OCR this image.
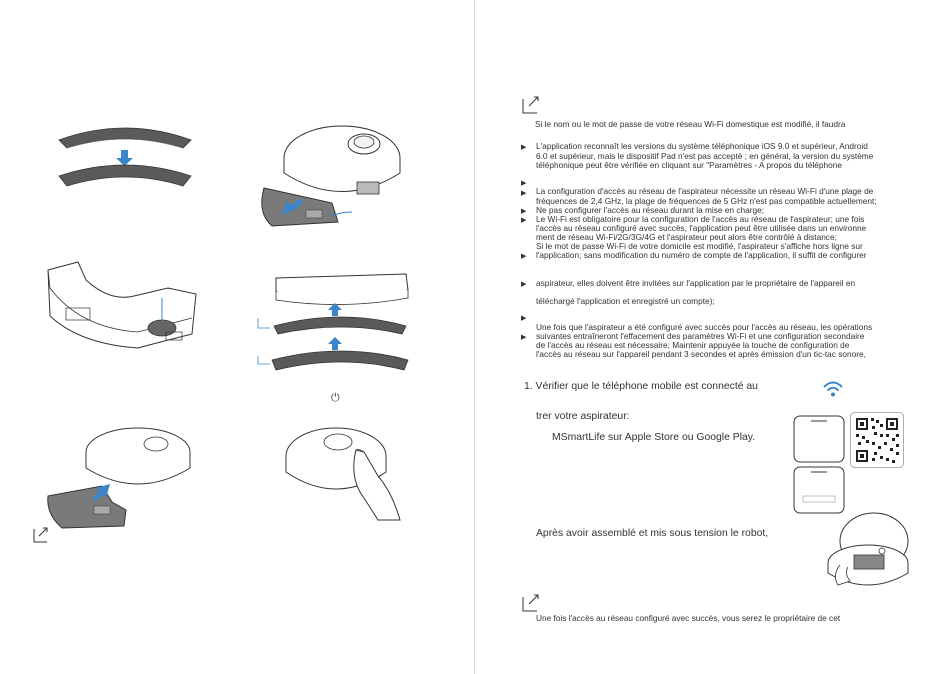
⏻
Si le nom ou le mot de passe de votre réseau Wi-Fi domestique est modifié, il faudra
▶ L'application reconnaît les versions du système téléphonique iOS 9.0 et supérieur, Android
6.0 et supérieur, mais le dispositif Pad n'est pas accepté ; en général, la version du système
téléphonique peut être vérifiée en cliquant sur "Paramètres - A propos du téléphone
▶
▶ La configuration d'accès au réseau de l'aspirateur nécessite un réseau Wi-Fi d'une plage de
fréquences de 2,4 GHz, la plage de fréquences de 5 GHz n'est pas compatible actuellement;
▶ Ne pas configurer l'accès au réseau durant la mise en charge;
▶ Le Wi-Fi est obligatoire pour la configuration de l'accès au réseau de l'aspirateur; une fois
l'accès au réseau configuré avec succès, l'application peut être utilisée dans un environne
ment de réseau Wi-Fi/2G/3G/4G et l'aspirateur peut alors être contrôlé à distance;
Si le mot de passe Wi-Fi de votre domicile est modifié, l'aspirateur s'affiche hors ligne sur
▶ l'application; sans modification du numéro de compte de l'application, il suffit de configurer
▶ aspirateur, elles doivent être invitées sur l'application par le propriétaire de l'appareil en
téléchargé l'application et enregistré un compte);
▶
Une fois que l'aspirateur a été configuré avec succès pour l'accès au réseau, les opérations
▶ suivantes entraîneront l'effacement des paramètres Wi-Fi et une configuration secondaire
de l'accès au réseau est nécessaire; Maintenir appuyée la touche de configuration de
l'accès au réseau sur l'appareil pendant 3 secondes et après émission d'un tic-tac sonore,
1. Vérifier que le téléphone mobile est connecté au
trer votre aspirateur:
MSmartLife sur Apple Store ou Google Play.
Après avoir assemblé et mis sous tension le robot,
Une fois l'accès au réseau configuré avec succès, vous serez le propriétaire de cet
